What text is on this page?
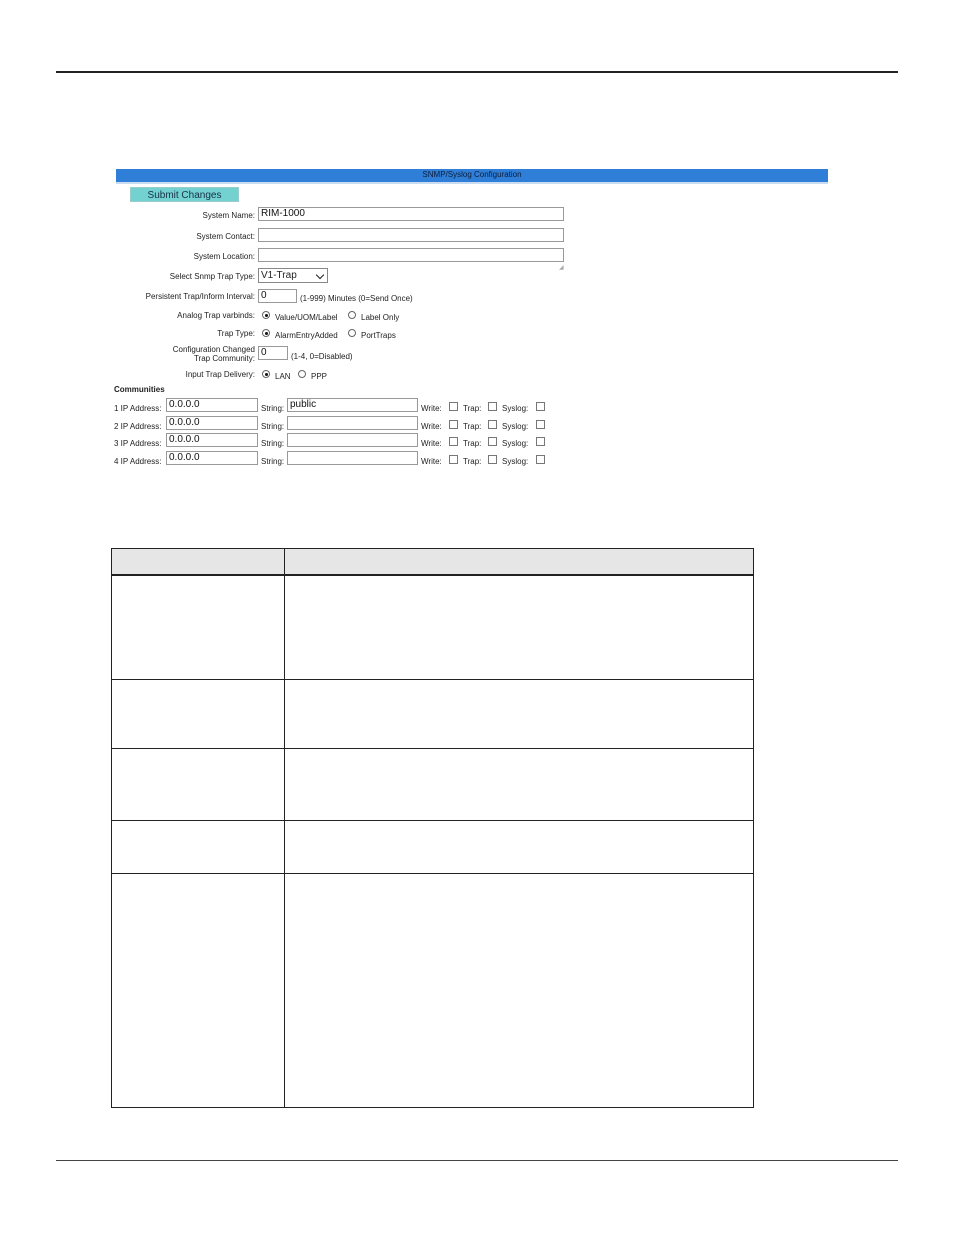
SNMP/Syslog Configuration
Submit Changes
System Name: RIM-1000
System Contact:
System Location:
◢
Select Snmp Trap Type: V1-Trap
Persistent Trap/Inform Interval: 0	(1-999) Minutes (0=Send Once)
Analog Trap varbinds:	Value/UOM/Label	Label Only
Trap Type:	AlarmEntryAdded	PortTraps
Configuration Changed
Trap Community:
0	(1-4, 0=Disabled)
Input Trap Delivery:	LAN	PPP
Communities
1 IP Address: 0.0.0.0	String: public	Write:	Trap:	Syslog:
2 IP Address: 0.0.0.0	String:	Write:	Trap:	Syslog:
3 IP Address: 0.0.0.0	String:	Write:	Trap:	Syslog:
4 IP Address: 0.0.0.0	String:	Write:	Trap:	Syslog:
